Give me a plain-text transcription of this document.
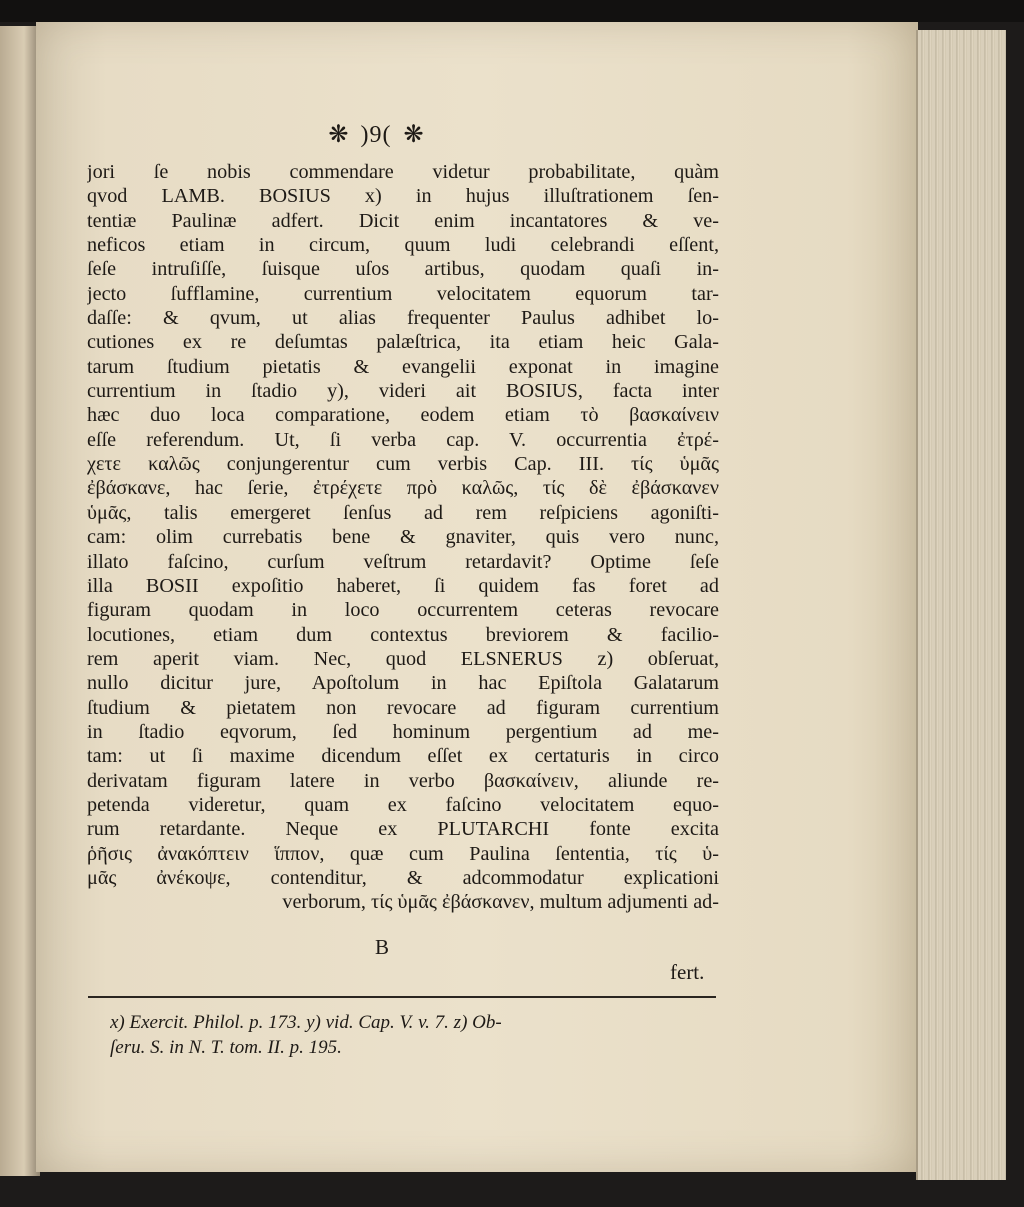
❋ )9( ❋
jori ſe nobis commendare videtur probabilitate, quàm
qvod LAMB. BOSIUS x) in hujus illuſtrationem ſen-
tentiæ Paulinæ adfert. Dicit enim incantatores & ve-
neficos etiam in circum, quum ludi celebrandi eſſent,
ſeſe intruſiſſe, ſuisque uſos artibus, quodam quaſi in-
jecto ſufflamine, currentium velocitatem equorum tar-
daſſe: & qvum, ut alias frequenter Paulus adhibet lo-
cutiones ex re deſumtas palæſtrica, ita etiam heic Gala-
tarum ſtudium pietatis & evangelii exponat in imagine
currentium in ſtadio y), videri ait BOSIUS, facta inter
hæc duo loca comparatione, eodem etiam τὸ βασκαίνειν
eſſe referendum. Ut, ſi verba cap. V. occurrentia ἐτρέ-
χετε καλῶς conjungerentur cum verbis Cap. III. τίς ὑμᾶς
ἐβάσκανε, hac ſerie, ἐτρέχετε πρὸ καλῶς, τίς δὲ ἐβάσκανεν
ὑμᾶς, talis emergeret ſenſus ad rem reſpiciens agoniſti-
cam: olim currebatis bene & gnaviter, quis vero nunc,
illato faſcino, curſum veſtrum retardavit? Optime ſeſe
illa BOSII expoſitio haberet, ſi quidem fas foret ad
figuram quodam in loco occurrentem ceteras revocare
locutiones, etiam dum contextus breviorem & facilio-
rem aperit viam. Nec, quod ELSNERUS z) obſeruat,
nullo dicitur jure, Apoſtolum in hac Epiſtola Galatarum
ſtudium & pietatem non revocare ad figuram currentium
in ſtadio eqvorum, ſed hominum pergentium ad me-
tam: ut ſi maxime dicendum eſſet ex certaturis in circo
derivatam figuram latere in verbo βασκαίνειν, aliunde re-
petenda videretur, quam ex faſcino velocitatem equo-
rum retardante. Neque ex PLUTARCHI fonte excita
ῥῆσις ἀνακόπτειν ἵππον, quæ cum Paulina ſententia, τίς ὑ-
μᾶς ἀνέκοψε, contenditur, & adcommodatur explicationi
verborum, τίς ὑμᾶς ἐβάσκανεν, multum adjumenti ad-
B
fert.
x) Exercit. Philol. p. 173. y) vid. Cap. V. v. 7. z) Ob-
ſeru. S. in N. T. tom. II. p. 195.
